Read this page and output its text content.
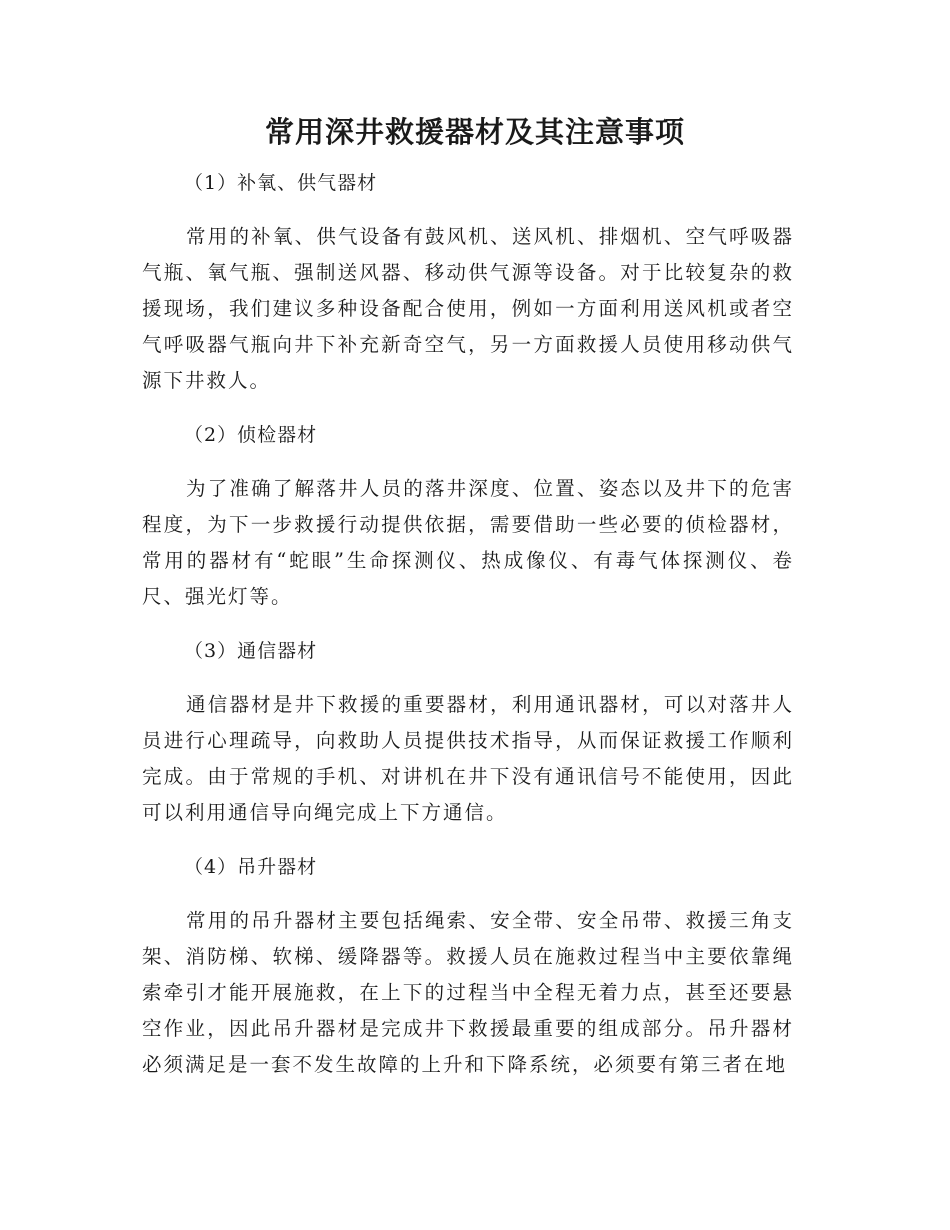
常用深井救援器材及其注意事项

（1）补氧、供气器材

常用的补氧、供气设备有鼓风机、送风机、排烟机、空气呼吸器气瓶、氧气瓶、强制送风器、移动供气源等设备。对于比较复杂的救援现场，我们建议多种设备配合使用，例如一方面利用送风机或者空气呼吸器气瓶向井下补充新奇空气，另一方面救援人员使用移动供气源下井救人。

（2）侦检器材

为了准确了解落井人员的落井深度、位置、姿态以及井下的危害程度，为下一步救援行动提供依据，需要借助一些必要的侦检器材，常用的器材有“蛇眼”生命探测仪、热成像仪、有毒气体探测仪、卷尺、强光灯等。

（3）通信器材

通信器材是井下救援的重要器材，利用通讯器材，可以对落井人员进行心理疏导，向救助人员提供技术指导，从而保证救援工作顺利完成。由于常规的手机、对讲机在井下没有通讯信号不能使用，因此可以利用通信导向绳完成上下方通信。

（4）吊升器材

常用的吊升器材主要包括绳索、安全带、安全吊带、救援三角支架、消防梯、软梯、缓降器等。救援人员在施救过程当中主要依靠绳索牵引才能开展施救，在上下的过程当中全程无着力点，甚至还要悬空作业，因此吊升器材是完成井下救援最重要的组成部分。吊升器材必须满足是一套不发生故障的上升和下降系统，必须要有第三者在地
